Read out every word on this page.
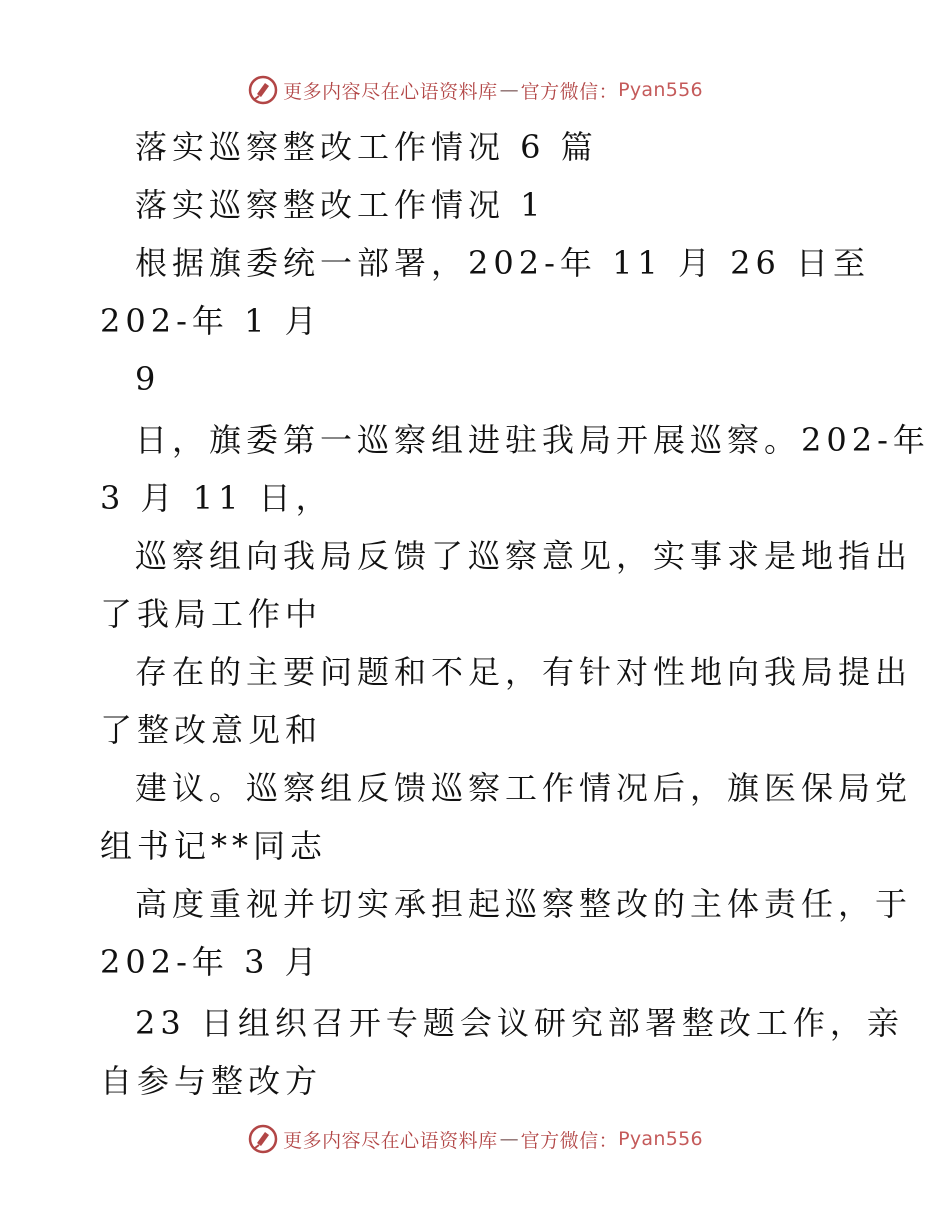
更多内容尽在心语资料库 — 官方微信： Pyan556
落实巡察整改工作情况 6 篇
落实巡察整改工作情况 1
根据旗委统一部署，202-年 11 月 26 日至
202-年 1 月
9
日，旗委第一巡察组进驻我局开展巡察。202-年
3 月 11 日，
巡察组向我局反馈了巡察意见，实事求是地指出
了我局工作中
存在的主要问题和不足，有针对性地向我局提出
了整改意见和
建议。巡察组反馈巡察工作情况后，旗医保局党
组书记**同志
高度重视并切实承担起巡察整改的主体责任，于
202-年 3 月
23 日组织召开专题会议研究部署整改工作，亲
自参与整改方
更多内容尽在心语资料库 — 官方微信： Pyan556
